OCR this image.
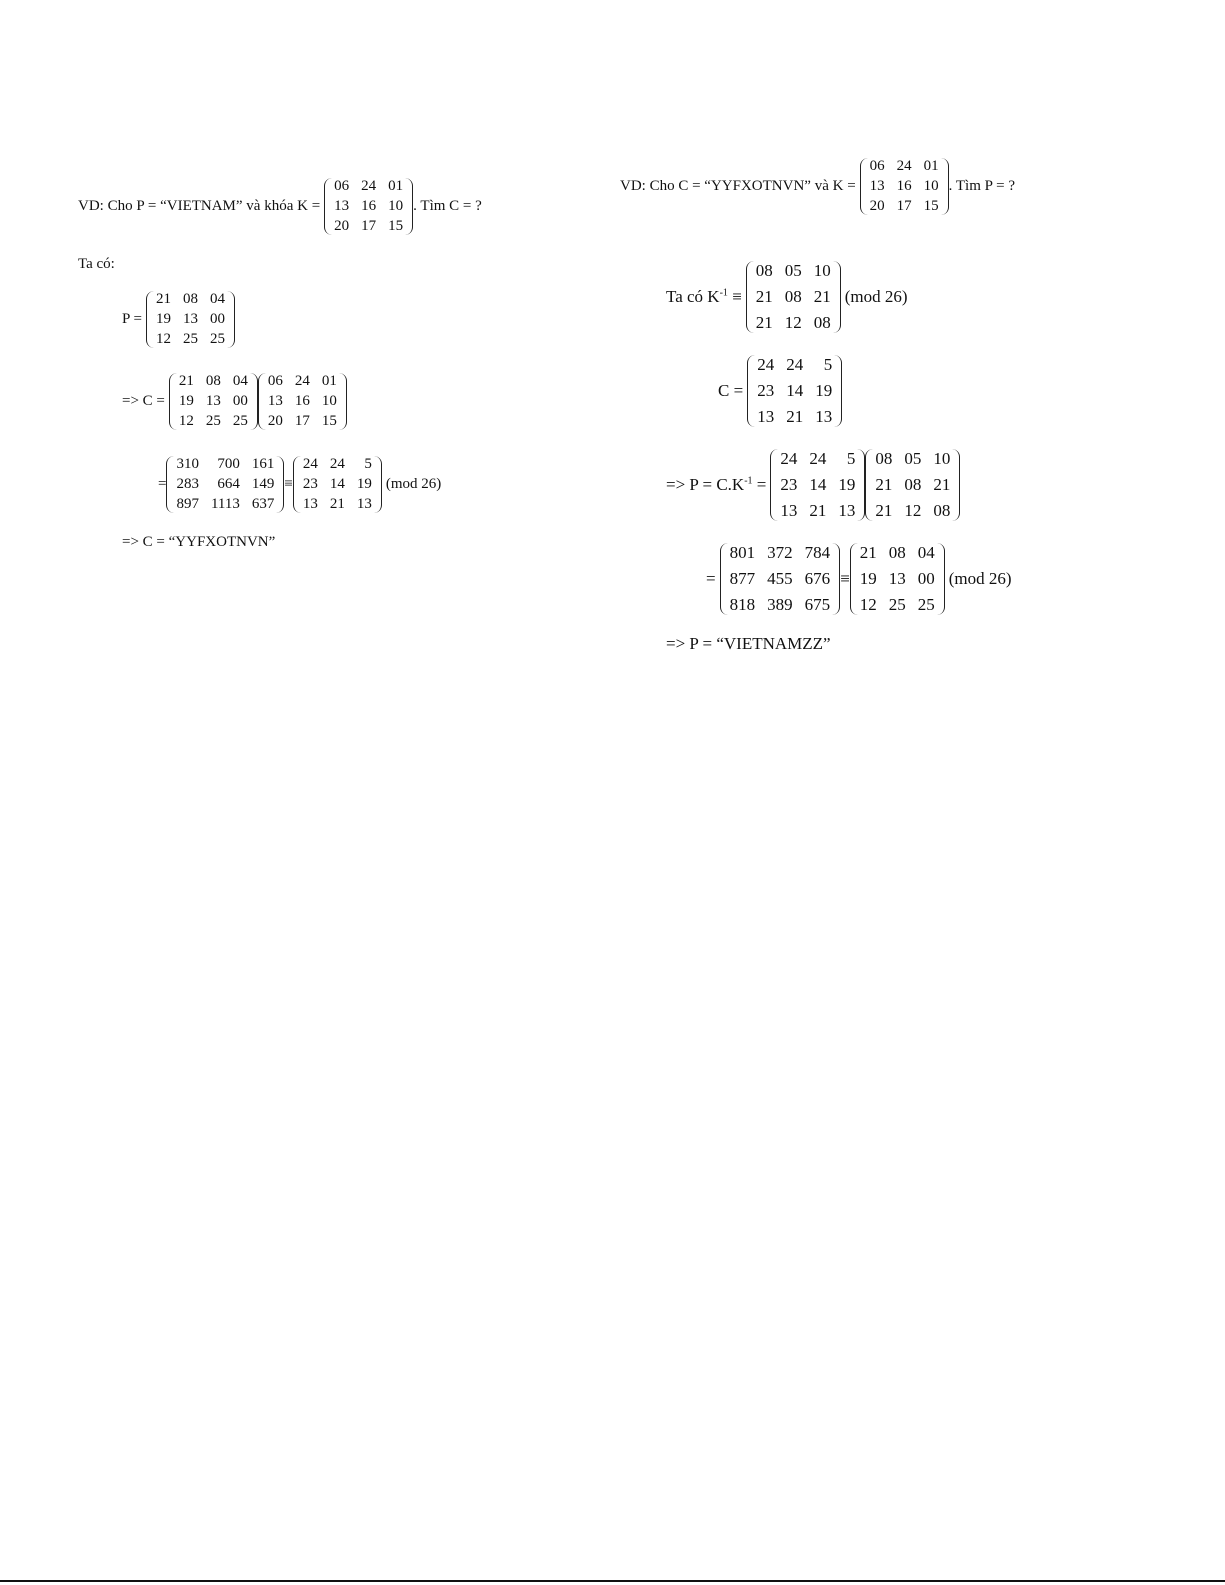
VD: Cho P = “VIETNAM” và khóa K =
06 24 01
13 16 10
20 17 15
. Tìm C = ?
Ta có:
P =
21 08 04
19 13 00
12 25 25
=> C =
21 08 04
19 13 00
12 25 25
06 24 01
13 16 10
20 17 15
=
310	700 161
283	664 149
897 1113 637
≡
24 24	5
23 14 19
13 21 13
(mod 26)
=> C = “YYFXOTNVN”
VD: Cho C = “YYFXOTNVN” và K =
06 24 01
13 16 10
20 17 15
. Tìm P = ?
Ta có $K^{-1}$ ≡
08 05 10
21 08 21
21 12 08
(mod 26)
C =
24 24	5
23 14 19
13 21 13
=> $P = C.K^{-1}$ =
24 24	5
23 14 19
13 21 13
08 05 10
21 08 21
21 12 08
=
801 372 784
877 455 676
818 389 675
≡
21 08 04
19 13 00
12 25 25
(mod 26)
=> P = “VIETNAMZZ”
